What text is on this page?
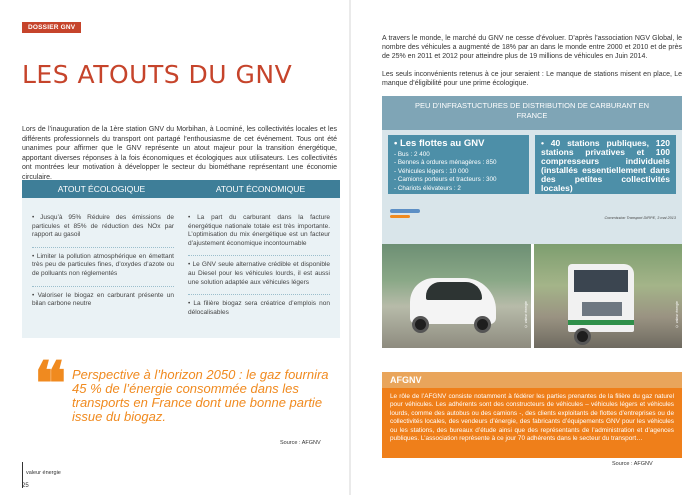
DOSSIER GNV
LES ATOUTS DU GNV

Lors de l’inauguration de la 1ère station GNV du Morbihan, à Locminé, les collectivités locales et les différents professionnels du transport ont partagé l’enthousiasme de cet événement. Tous ont été unanimes pour affirmer que le GNV représente un atout majeur pour la transition énergétique, apportant diverses réponses à la fois économiques et écologiques aux utilisateurs. Les collectivités ont montrées leur motivation à développer le secteur du biométhane représentant une économie circulaire.

ATOUT ÉCOLOGIQUE	ATOUT ÉCONOMIQUE

• Jusqu’à 95% Réduire des émissions de particules et 85% de réduction des NOx par rapport au gasoil

• Limiter la pollution atmosphérique en émettant très peu de particules fines, d’oxydes d’azote ou de polluants non réglementés

• Valoriser le biogaz en carburant présente un bilan carbone neutre

• La part du carburant dans la facture énergétique nationale totale est très importante. L’optimisation du mix énergétique est un facteur d’ajustement économique incontournable

• Le GNV seule alternative crédible et disponible au Diesel pour les véhicules lourds, il est aussi une solution adaptée aux véhicules légers

• La filière biogaz sera créatrice d’emplois non délocalisables

❝ Perspective à l’horizon 2050 : le gaz fournira 45 % de l’énergie consommée dans les transports en France dont une bonne partie issue du biogaz.

Source : AFGNV
valeur énergie
25

A travers le monde, le marché du GNV ne cesse d’évoluer. D’après l’association NGV Global, le nombre des véhicules a augmenté de 18% par an dans le monde entre 2000 et 2010 et de près de 25% en 2011 et 2012 pour atteindre plus de 19 millions de véhicules en Juin 2014.

Les seuls inconvénients retenus à ce jour seraient : Le manque de stations misent en place, Le manque d’éligibilité pour une prime écologique.

PEU D’INFRASTUCTURES DE DISTRIBUTION DE CARBURANT EN FRANCE
• Les flottes au GNV
- Bus : 2 400
- Bennes à ordures ménagères : 850
- Véhicules légers : 10 000
- Camions porteurs et tracteurs : 300
- Chariots élévateurs : 2

• 40 stations publiques, 120 stations privatives et 100 compresseurs individuels (installés essentiellement dans des petites collectivités locales)

Commission Transport DIRPE, 3 mai 2013
© valeur énergie	© valeur énergie
AFGNV

Le rôle de l’AFGNV consiste notamment à fédérer les parties prenantes de la filière du gaz naturel pour véhicules. Les adhérents sont des constructeurs de véhicules – véhicules légers et véhicules lourds, comme des autobus ou des camions -, des clients exploitants de flottes d’entreprises ou de collectivités locales, des vendeurs d’énergie, des fabricants d’équipements GNV pour les véhicules ou les stations, des bureaux d’étude ainsi que des représentants de l’administration et d’agences publiques. L’association représente à ce jour 70 adhérents dans le secteur du transport…

Source : AFGNV
